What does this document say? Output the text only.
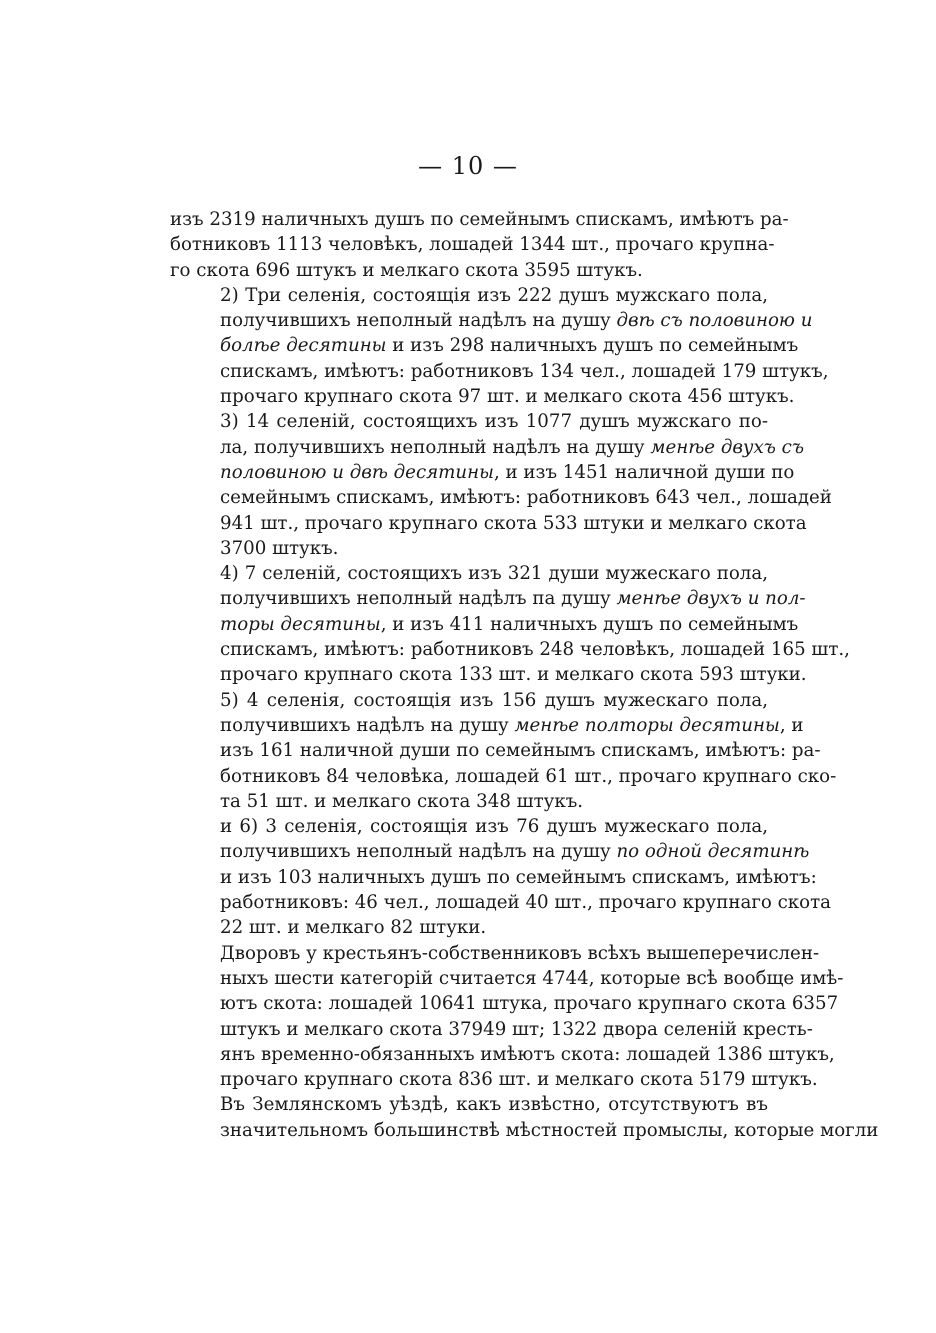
— 10 —

изъ 2319 наличныхъ душъ по семейнымъ спискамъ, имѣютъ ра-
ботниковъ 1113 человѣкъ, лошадей 1344 шт., прочаго крупна-
го скота 696 штукъ и мелкаго скота 3595 штукъ.

2) Три селенія, состоящія изъ 222 душъ мужскаго пола,
получившихъ неполный надѣлъ на душу двѣ съ половиною и
болѣе десятины и изъ 298 наличныхъ душъ по семейнымъ
спискамъ, имѣютъ: работниковъ 134 чел., лошадей 179 штукъ,
прочаго крупнаго скота 97 шт. и мелкаго скота 456 штукъ.

3) 14 селеній, состоящихъ изъ 1077 душъ мужскаго по-
ла, получившихъ неполный надѣлъ на душу менѣе двухъ съ
половиною и двѣ десятины, и изъ 1451 наличной души по
семейнымъ спискамъ, имѣютъ: работниковъ 643 чел., лошадей
941 шт., прочаго крупнаго скота 533 штуки и мелкаго скота
3700 штукъ.

4) 7 селеній, состоящихъ изъ 321 души мужескаго пола,
получившихъ неполный надѣлъ па душу менѣе двухъ и пол-
торы десятины, и изъ 411 наличныхъ душъ по семейнымъ
спискамъ, имѣютъ: работниковъ 248 человѣкъ, лошадей 165 шт.,
прочаго крупнаго скота 133 шт. и мелкаго скота 593 штуки.

5) 4 селенія, состоящія изъ 156 душъ мужескаго пола,
получившихъ надѣлъ на душу менѣе полторы десятины, и
изъ 161 наличной души по семейнымъ спискамъ, имѣютъ: ра-
ботниковъ 84 человѣка, лошадей 61 шт., прочаго крупнаго ско-
та 51 шт. и мелкаго скота 348 штукъ.

и 6) 3 селенія, состоящія изъ 76 душъ мужескаго пола,
получившихъ неполный надѣлъ на душу по одной десятинѣ
и изъ 103 наличныхъ душъ по семейнымъ спискамъ, имѣютъ:
работниковъ: 46 чел., лошадей 40 шт., прочаго крупнаго скота
22 шт. и мелкаго 82 штуки.

Дворовъ у крестьянъ-собственниковъ всѣхъ вышеперечислен-
ныхъ шести категорій считается 4744, которые всѣ вообще имѣ-
ютъ скота: лошадей 10641 штука, прочаго крупнаго скота 6357
штукъ и мелкаго скота 37949 шт; 1322 двора селеній кресть-
янъ временно-обязанныхъ имѣютъ скота: лошадей 1386 штукъ,
прочаго крупнаго скота 836 шт. и мелкаго скота 5179 штукъ.

Въ Землянскомъ уѣздѣ, какъ извѣстно, отсутствуютъ въ
значительномъ большинствѣ мѣстностей промыслы, которые могли
